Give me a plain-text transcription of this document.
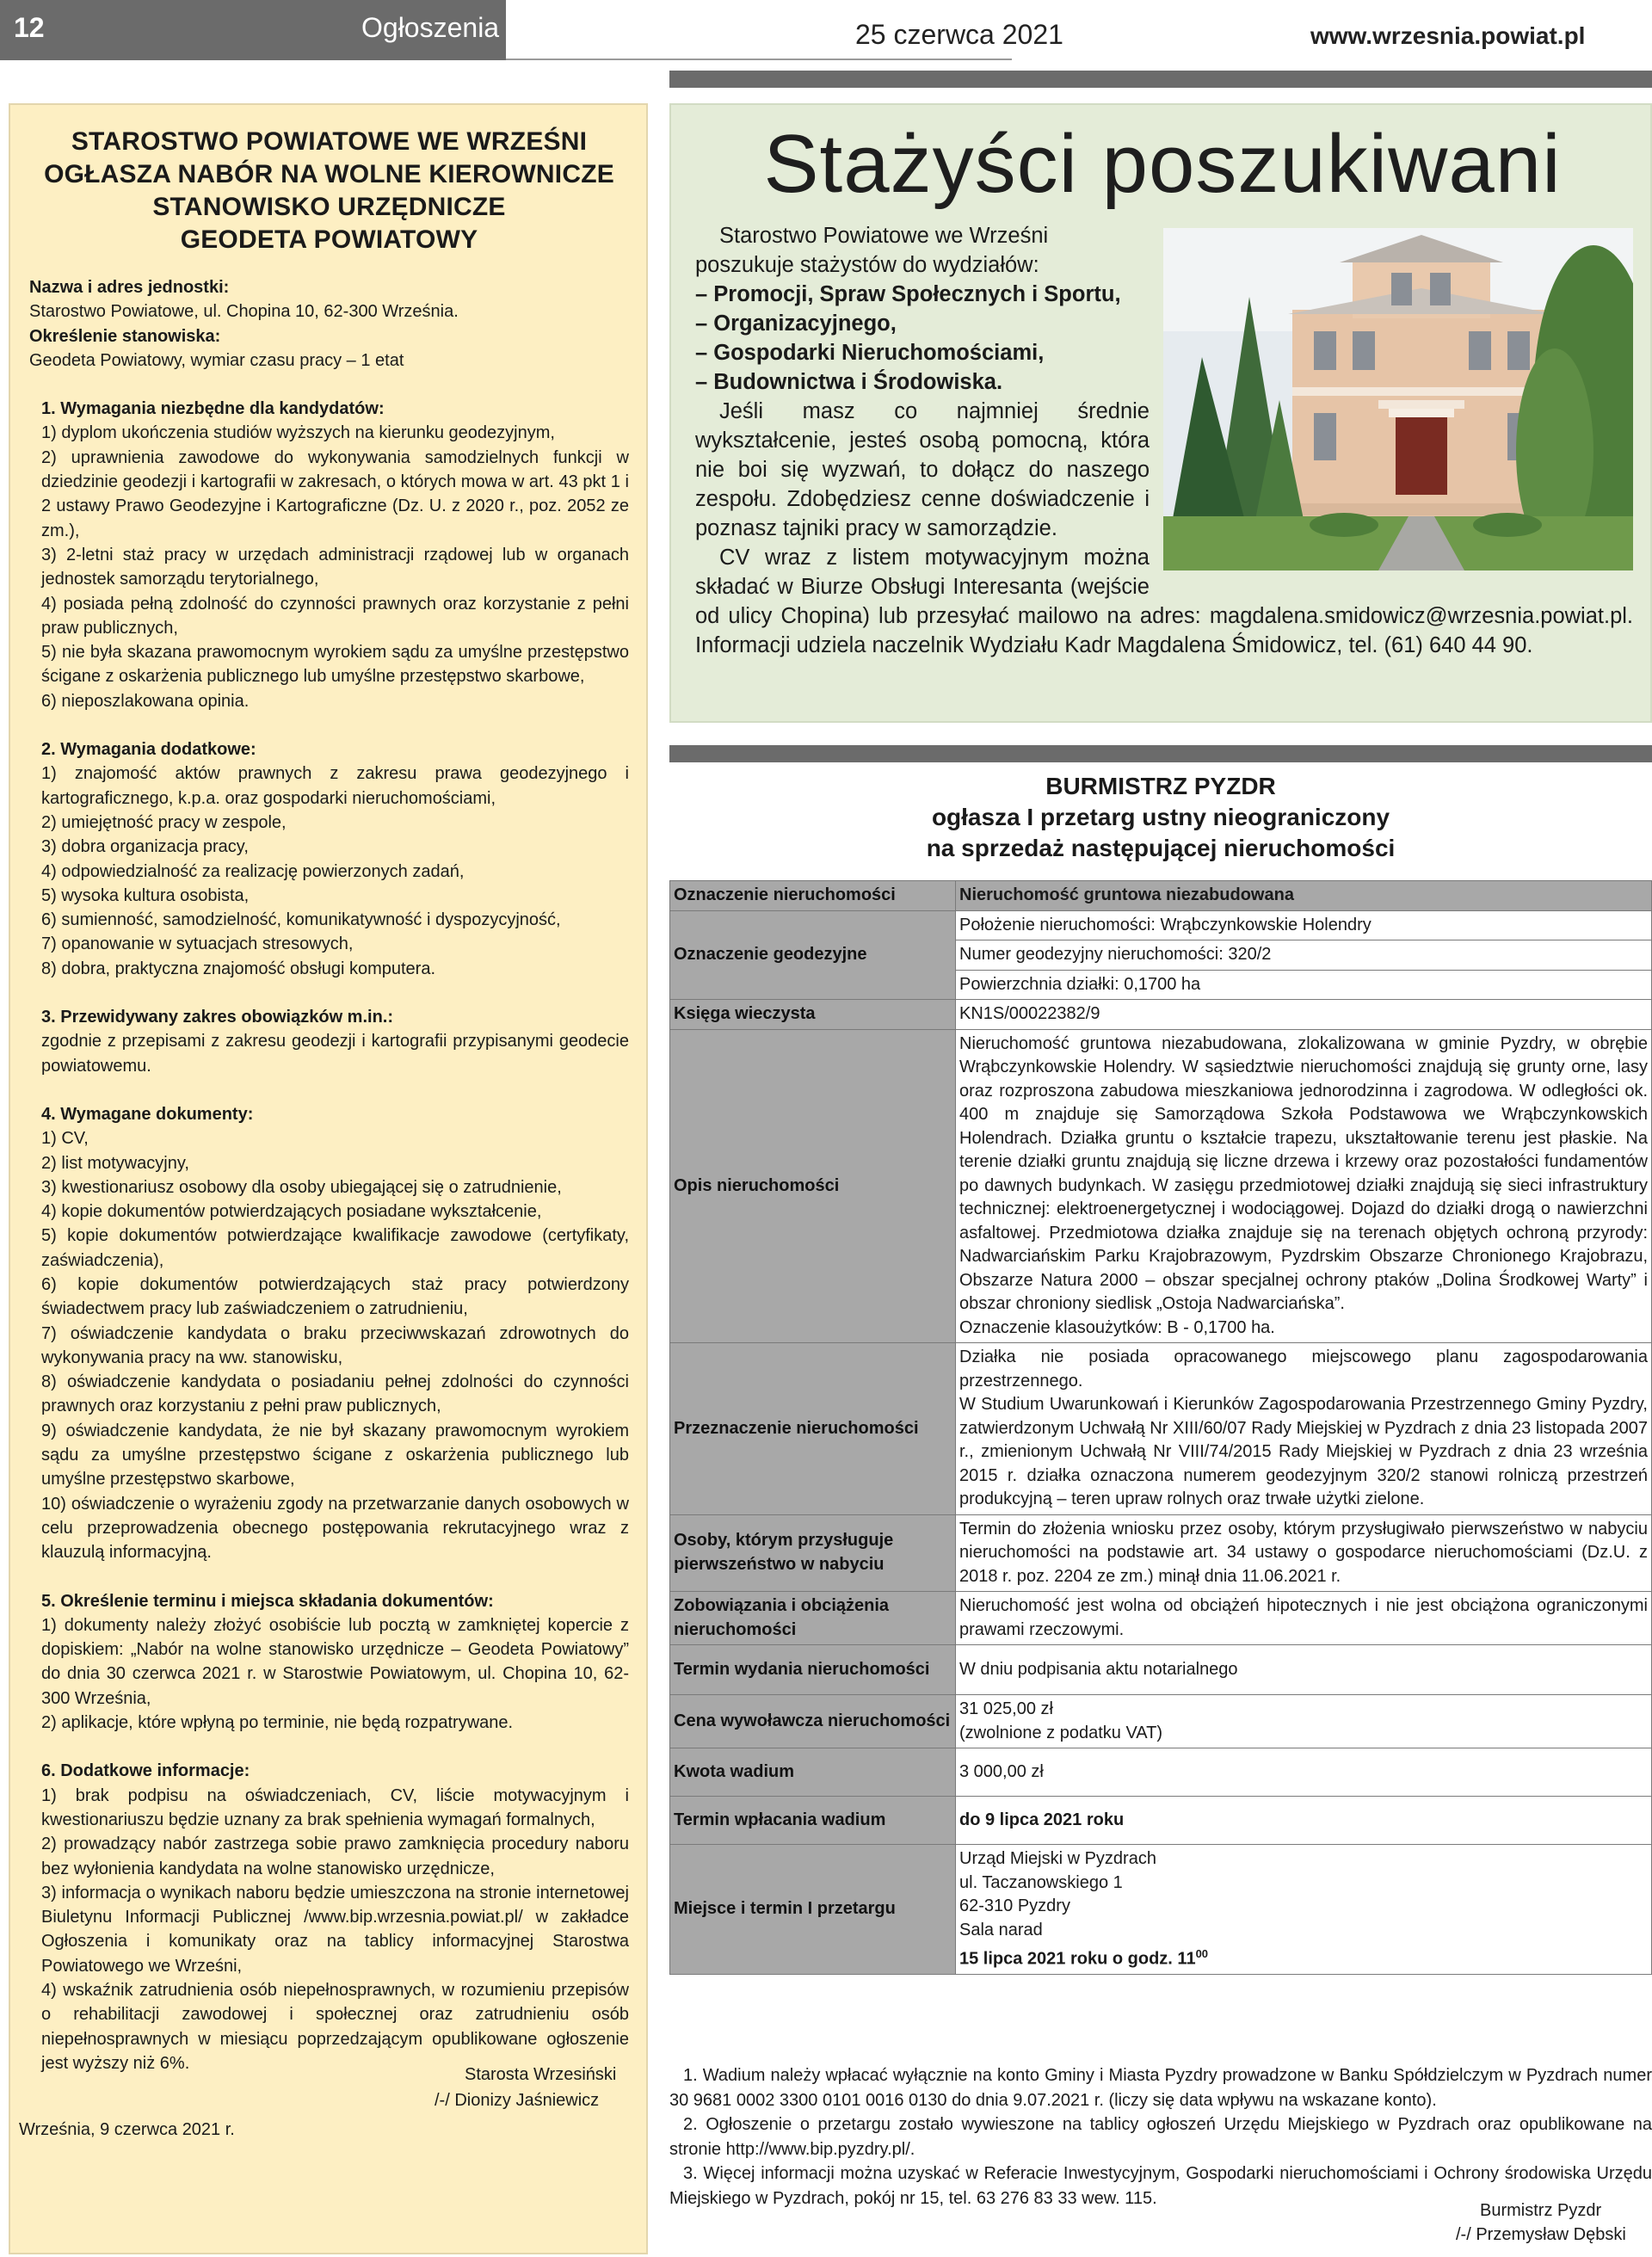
12	Ogłoszenia	25 czerwca 2021	www.wrzesnia.powiat.pl
STAROSTWO POWIATOWE WE WRZEŚNI
OGŁASZA NABÓR NA WOLNE KIEROWNICZE
STANOWISKO URZĘDNICZE
GEODETA POWIATOWY
Nazwa i adres jednostki:
Starostwo Powiatowe, ul. Chopina 10, 62-300 Września.
Określenie stanowiska:
Geodeta Powiatowy, wymiar czasu pracy – 1 etat
1. Wymagania niezbędne dla kandydatów:
1) dyplom ukończenia studiów wyższych na kierunku geodezyjnym,
2) uprawnienia zawodowe do wykonywania samodzielnych funkcji w dziedzinie geodezji i kartografii w zakresach, o których mowa w art. 43 pkt 1 i 2 ustawy Prawo Geodezyjne i Kartograficzne (Dz. U. z 2020 r., poz. 2052 ze zm.),
3) 2-letni staż pracy w urzędach administracji rządowej lub w organach jednostek samorządu terytorialnego,
4) posiada pełną zdolność do czynności prawnych oraz korzystanie z pełni praw publicznych,
5) nie była skazana prawomocnym wyrokiem sądu za umyślne przestępstwo ścigane z oskarżenia publicznego lub umyślne przestępstwo skarbowe,
6) nieposzlakowana opinia.
2. Wymagania dodatkowe:
1) znajomość aktów prawnych z zakresu prawa geodezyjnego i kartograficznego, k.p.a. oraz gospodarki nieruchomościami,
2) umiejętność pracy w zespole,
3) dobra organizacja pracy,
4) odpowiedzialność za realizację powierzonych zadań,
5) wysoka kultura osobista,
6) sumienność, samodzielność, komunikatywność i dyspozycyjność,
7) opanowanie w sytuacjach stresowych,
8) dobra, praktyczna znajomość obsługi komputera.
3. Przewidywany zakres obowiązków m.in.:
zgodnie z przepisami z zakresu geodezji i kartografii przypisanymi geodecie powiatowemu.
4. Wymagane dokumenty:
1) CV,
2) list motywacyjny,
3) kwestionariusz osobowy dla osoby ubiegającej się o zatrudnienie,
4) kopie dokumentów potwierdzających posiadane wykształcenie,
5) kopie dokumentów potwierdzające kwalifikacje zawodowe (certyfikaty, zaświadczenia),
6) kopie dokumentów potwierdzających staż pracy potwierdzony świadectwem pracy lub zaświadczeniem o zatrudnieniu,
7) oświadczenie kandydata o braku przeciwwskazań zdrowotnych do wykonywania pracy na ww. stanowisku,
8) oświadczenie kandydata o posiadaniu pełnej zdolności do czynności prawnych oraz korzystaniu z pełni praw publicznych,
9) oświadczenie kandydata, że nie był skazany prawomocnym wyrokiem sądu za umyślne przestępstwo ścigane z oskarżenia publicznego lub umyślne przestępstwo skarbowe,
10) oświadczenie o wyrażeniu zgody na przetwarzanie danych osobowych w celu przeprowadzenia obecnego postępowania rekrutacyjnego wraz z klauzulą informacyjną.
5. Określenie terminu i miejsca składania dokumentów:
1) dokumenty należy złożyć osobiście lub pocztą w zamkniętej kopercie z dopiskiem: „Nabór na wolne stanowisko urzędnicze – Geodeta Powiatowy” do dnia 30 czerwca 2021 r. w Starostwie Powiatowym, ul. Chopina 10, 62-300 Września,
2) aplikacje, które wpłyną po terminie, nie będą rozpatrywane.
6. Dodatkowe informacje:
1) brak podpisu na oświadczeniach, CV, liście motywacyjnym i kwestionariuszu będzie uznany za brak spełnienia wymagań formalnych,
2) prowadzący nabór zastrzega sobie prawo zamknięcia procedury naboru bez wyłonienia kandydata na wolne stanowisko urzędnicze,
3) informacja o wynikach naboru będzie umieszczona na stronie internetowej Biuletynu Informacji Publicznej /www.bip.wrzesnia.powiat.pl/ w zakładce Ogłoszenia i komunikaty oraz na tablicy informacyjnej Starostwa Powiatowego we Wrześni,
4) wskaźnik zatrudnienia osób niepełnosprawnych, w rozumieniu przepisów o rehabilitacji zawodowej i społecznej oraz zatrudnieniu osób niepełnosprawnych w miesiącu poprzedzającym opublikowane ogłoszenie jest wyższy niż 6%.
Starosta Wrzesiński
/-/ Dionizy Jaśniewicz
Września, 9 czerwca 2021 r.
Stażyści poszukiwani

Starostwo Powiatowe we Wrześni poszukuje stażystów do wydziałów:

– Promocji, Spraw Społecznych i Sportu,

– Organizacyjnego,

– Gospodarki Nieruchomościami,

– Budownictwa i Środowiska.

Jeśli masz co najmniej średnie wykształcenie, jesteś osobą pomocną, która nie boi się wyzwań, to dołącz do naszego zespołu. Zdobędziesz cenne doświadczenie i poznasz tajniki pracy w samorządzie.

CV wraz z listem motywacyjnym można składać w Biurze Obsługi Interesanta (wejście od ulicy Chopina) lub przesyłać mailowo na adres: magdalena.smidowicz@wrzesnia.powiat.pl. Informacji udziela naczelnik Wydziału Kadr Magdalena Śmidowicz, tel. (61) 640 44 90.

BURMISTRZ PYZDR
ogłasza I przetarg ustny nieograniczony
na sprzedaż następującej nieruchomości
Oznaczenie nieruchomości	Nieruchomość gruntowa niezabudowana
Oznaczenie geodezyjne	Położenie nieruchomości: Wrąbczynkowskie Holendry
	Numer geodezyjny nieruchomości: 320/2
	Powierzchnia działki: 0,1700 ha
Księga wieczysta	KN1S/00022382/9
Opis nieruchomości	Nieruchomość gruntowa niezabudowana, zlokalizowana w gminie Pyzdry, w obrębie Wrąbczynkowskie Holendry. W sąsiedztwie nieruchomości znajdują się grunty orne, lasy oraz rozproszona zabudowa mieszkaniowa jednorodzinna i zagrodowa. W odległości ok. 400 m znajduje się Samorządowa Szkoła Podstawowa we Wrąbczynkowskich Holendrach. Działka gruntu o kształcie trapezu, ukształtowanie terenu jest płaskie. Na terenie działki gruntu znajdują się liczne drzewa i krzewy oraz pozostałości fundamentów po dawnych budynkach. W zasięgu przedmiotowej działki znajdują się sieci infrastruktury technicznej: elektroenergetycznej i wodociągowej. Dojazd do działki drogą o nawierzchni asfaltowej. Przedmiotowa działka znajduje się na terenach objętych ochroną przyrody: Nadwarciańskim Parku Krajobrazowym, Pyzdrskim Obszarze Chronionego Krajobrazu, Obszarze Natura 2000 – obszar specjalnej ochrony ptaków „Dolina Środkowej Warty” i obszar chroniony siedlisk „Ostoja Nadwarciańska”.
Oznaczenie klasoużytków: B - 0,1700 ha.

Przeznaczenie nieruchomości	Działka nie posiada opracowanego miejscowego planu zagospodarowania przestrzennego.
W Studium Uwarunkowań i Kierunków Zagospodarowania Przestrzennego Gminy Pyzdry, zatwierdzonym Uchwałą Nr XIII/60/07 Rady Miejskiej w Pyzdrach z dnia 23 listopada 2007 r., zmienionym Uchwałą Nr VIII/74/2015 Rady Miejskiej w Pyzdrach z dnia 23 września 2015 r. działka oznaczona numerem geodezyjnym 320/2 stanowi rolniczą przestrzeń produkcyjną – teren upraw rolnych oraz trwałe użytki zielone.

Osoby, którym przysługuje pierwszeństwo w nabyciu	Termin do złożenia wniosku przez osoby, którym przysługiwało pierwszeństwo w nabyciu nieruchomości na podstawie art. 34 ustawy o gospodarce nieruchomościami (Dz.U. z 2018 r. poz. 2204 ze zm.) minął dnia 11.06.2021 r.
Zobowiązania i obciążenia nieruchomości	Nieruchomość jest wolna od obciążeń hipotecznych i nie jest obciążona ograniczonymi prawami rzeczowymi.
Termin wydania nieruchomości	W dniu podpisania aktu notarialnego
Cena wywoławcza nieruchomości	31 025,00 zł
(zwolnione z podatku VAT)

Kwota wadium	3 000,00 zł
Termin wpłacania wadium	do 9 lipca 2021 roku
Miejsce i termin I przetargu	Urząd Miejski w Pyzdrach
ul. Taczanowskiego 1
62-310 Pyzdry
Sala narad
15 lipca 2021 roku o godz. $11^{00}$

1. Wadium należy wpłacać wyłącznie na konto Gminy i Miasta Pyzdry prowadzone w Banku Spółdzielczym w Pyzdrach numer 30 9681 0002 3300 0101 0016 0130 do dnia 9.07.2021 r. (liczy się data wpływu na wskazane konto).

2. Ogłoszenie o przetargu zostało wywieszone na tablicy ogłoszeń Urzędu Miejskiego w Pyzdrach oraz opublikowane na stronie http://www.bip.pyzdry.pl/.

3. Więcej informacji można uzyskać w Referacie Inwestycyjnym, Gospodarki nieruchomościami i Ochrony środowiska Urzędu Miejskiego w Pyzdrach, pokój nr 15, tel. 63 276 83 33 wew. 115.

Burmistrz Pyzdr
/-/ Przemysław Dębski
